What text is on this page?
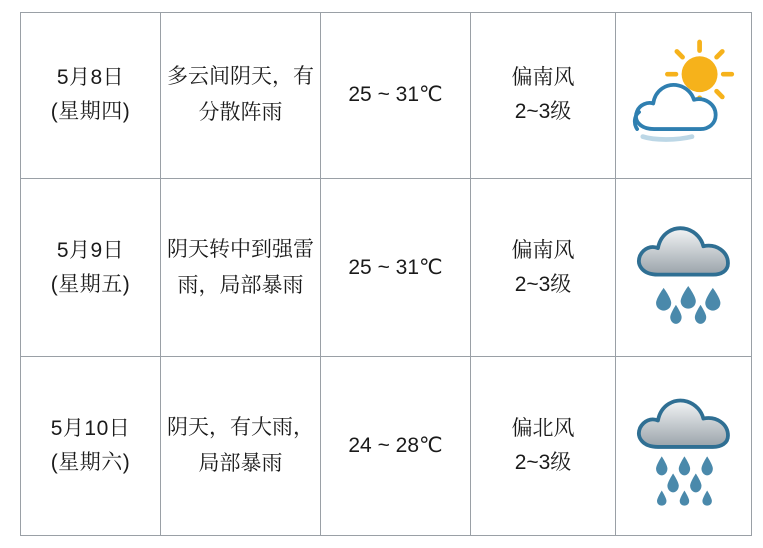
5月8日
(星期四)	多云间阴天，有分散阵雨	25 ~ 31℃	偏南风
2~3级

5月9日
(星期五)	阴天转中到强雷雨，局部暴雨	25 ~ 31℃	偏南风
2~3级

5月10日
(星期六)	阴天，有大雨，局部暴雨	24 ~ 28℃	偏北风
2~3级
